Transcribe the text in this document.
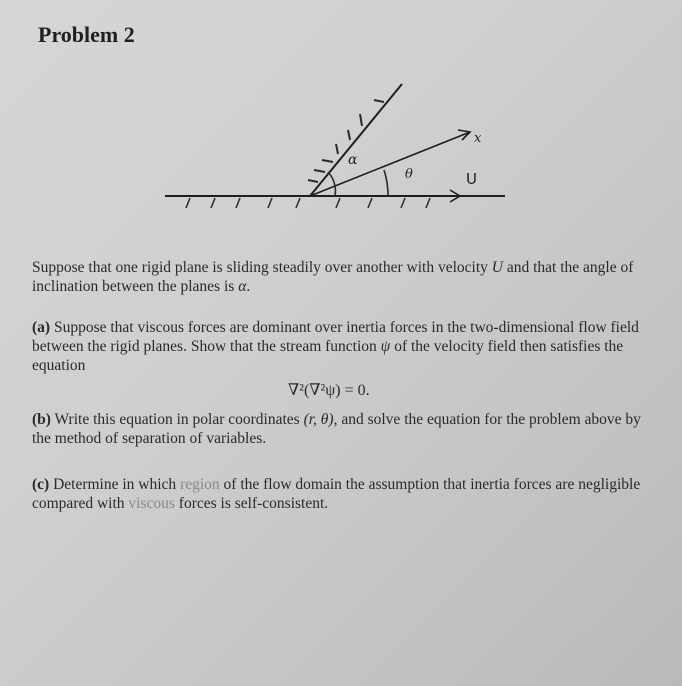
Problem 2
α
θ
x
U
Suppose that one rigid plane is sliding steadily over another with velocity U and that the angle of inclination between the planes is α.
(a) Suppose that viscous forces are dominant over inertia forces in the two-dimensional flow field between the rigid planes. Show that the stream function ψ of the velocity field then satisfies the equation
∇²(∇²ψ) = 0.
(b) Write this equation in polar coordinates (r, θ), and solve the equation for the problem above by the method of separation of variables.
(c) Determine in which region of the flow domain the assumption that inertia forces are negligible compared with viscous forces is self-consistent.
